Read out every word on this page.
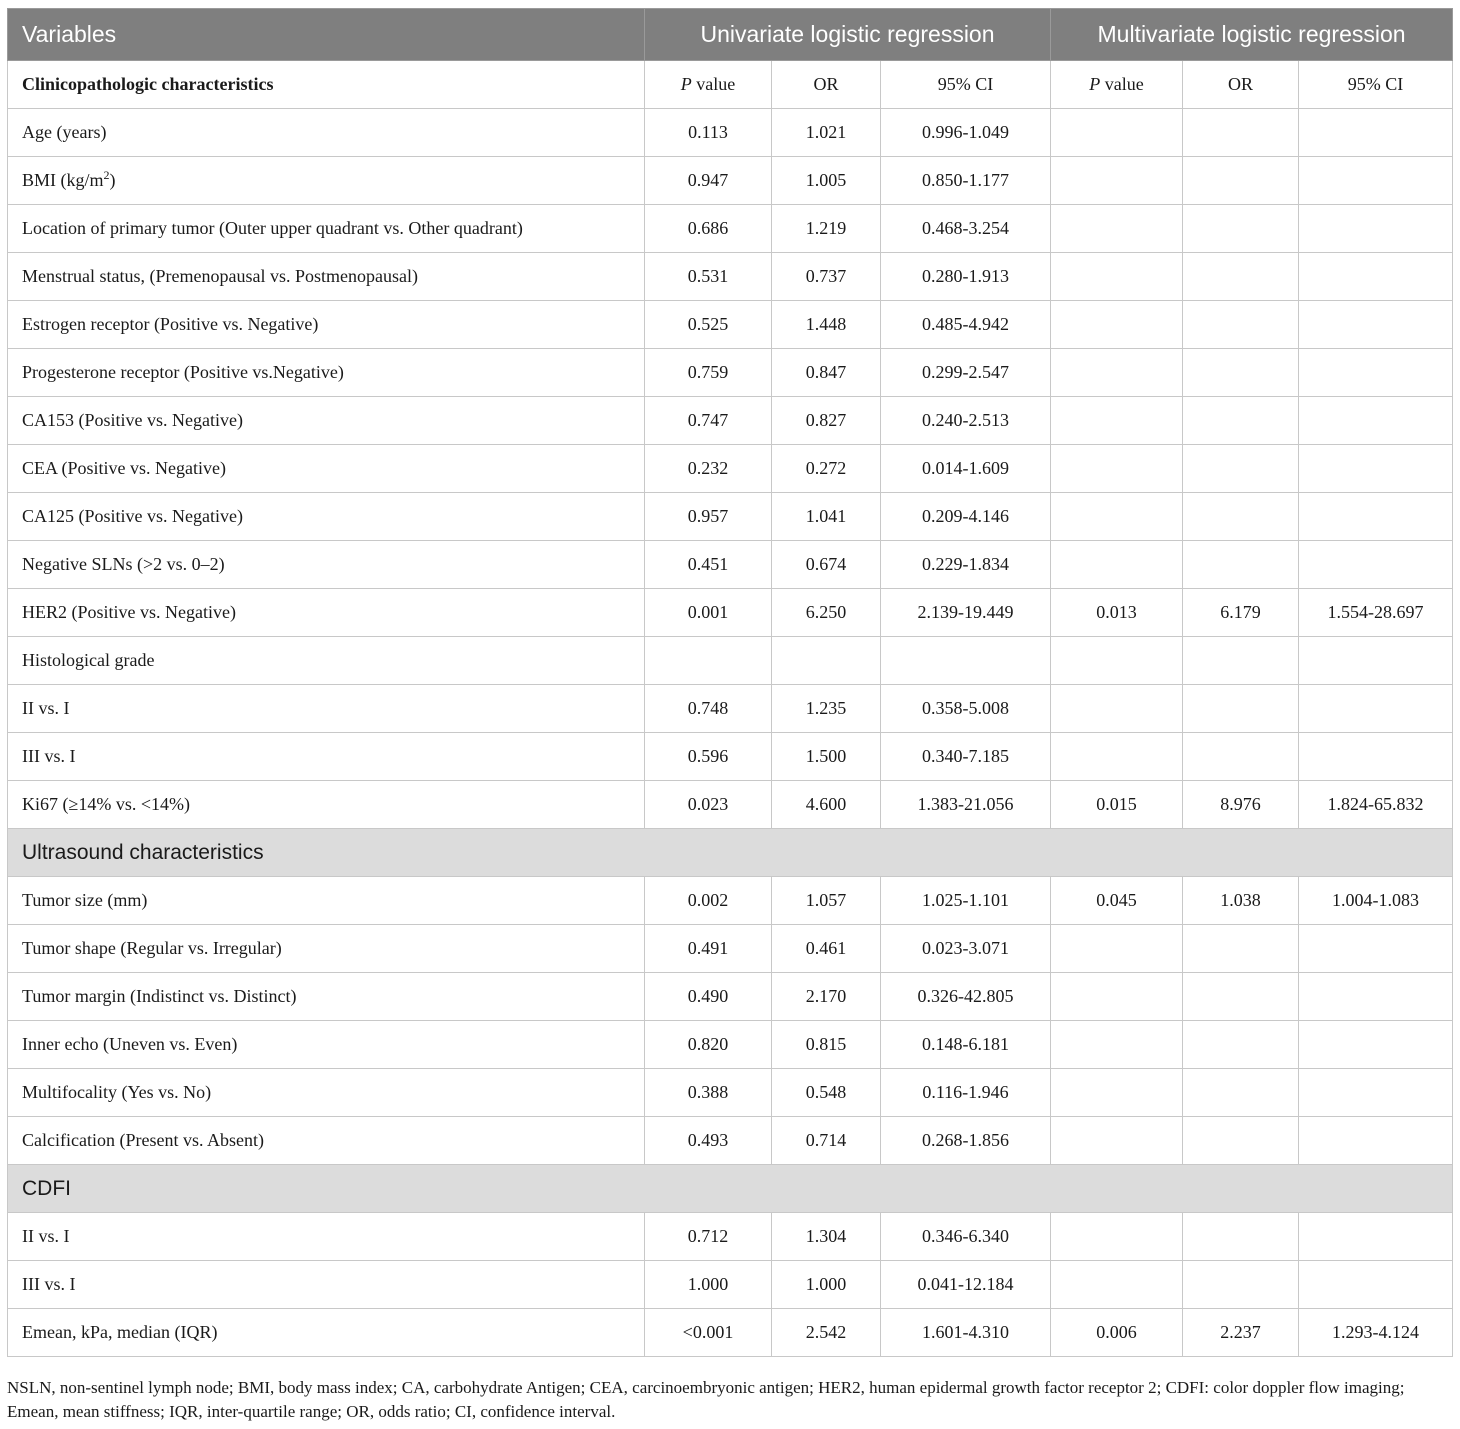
Variables	Univariate logistic regression			Multivariate logistic regression		
Clinicopathologic characteristics	P value	OR	95% CI	P value	OR	95% CI
Age (years)	0.113	1.021	0.996-1.049			
BMI $(kg/m^2)$	0.947	1.005	0.850-1.177			
Location of primary tumor (Outer upper quadrant vs. Other quadrant)	0.686	1.219	0.468-3.254			
Menstrual status, (Premenopausal vs. Postmenopausal)	0.531	0.737	0.280-1.913			
Estrogen receptor (Positive vs. Negative)	0.525	1.448	0.485-4.942			
Progesterone receptor (Positive vs.Negative)	0.759	0.847	0.299-2.547			
CA153 (Positive vs. Negative)	0.747	0.827	0.240-2.513			
CEA (Positive vs. Negative)	0.232	0.272	0.014-1.609			
CA125 (Positive vs. Negative)	0.957	1.041	0.209-4.146			
Negative SLNs (>2 vs. 0–2)	0.451	0.674	0.229-1.834			
HER2 (Positive vs. Negative)	0.001	6.250	2.139-19.449	0.013	6.179	1.554-28.697
Histological grade						
II vs. I	0.748	1.235	0.358-5.008			
III vs. I	0.596	1.500	0.340-7.185			
Ki67 (≥14% vs. <14%)	0.023	4.600	1.383-21.056	0.015	8.976	1.824-65.832
Ultrasound characteristics						
Tumor size (mm)	0.002	1.057	1.025-1.101	0.045	1.038	1.004-1.083
Tumor shape (Regular vs. Irregular)	0.491	0.461	0.023-3.071			
Tumor margin (Indistinct vs. Distinct)	0.490	2.170	0.326-42.805			
Inner echo (Uneven vs. Even)	0.820	0.815	0.148-6.181			
Multifocality (Yes vs. No)	0.388	0.548	0.116-1.946			
Calcification (Present vs. Absent)	0.493	0.714	0.268-1.856			
CDFI						
II vs. I	0.712	1.304	0.346-6.340			
III vs. I	1.000	1.000	0.041-12.184			
Emean, kPa, median (IQR)	<0.001	2.542	1.601-4.310	0.006	2.237	1.293-4.124
NSLN, non-sentinel lymph node; BMI, body mass index; CA, carbohydrate Antigen; CEA, carcinoembryonic antigen; HER2, human epidermal growth factor receptor 2; CDFI: color doppler flow imaging; Emean, mean stiffness; IQR, inter-quartile range; OR, odds ratio; CI, confidence interval.
